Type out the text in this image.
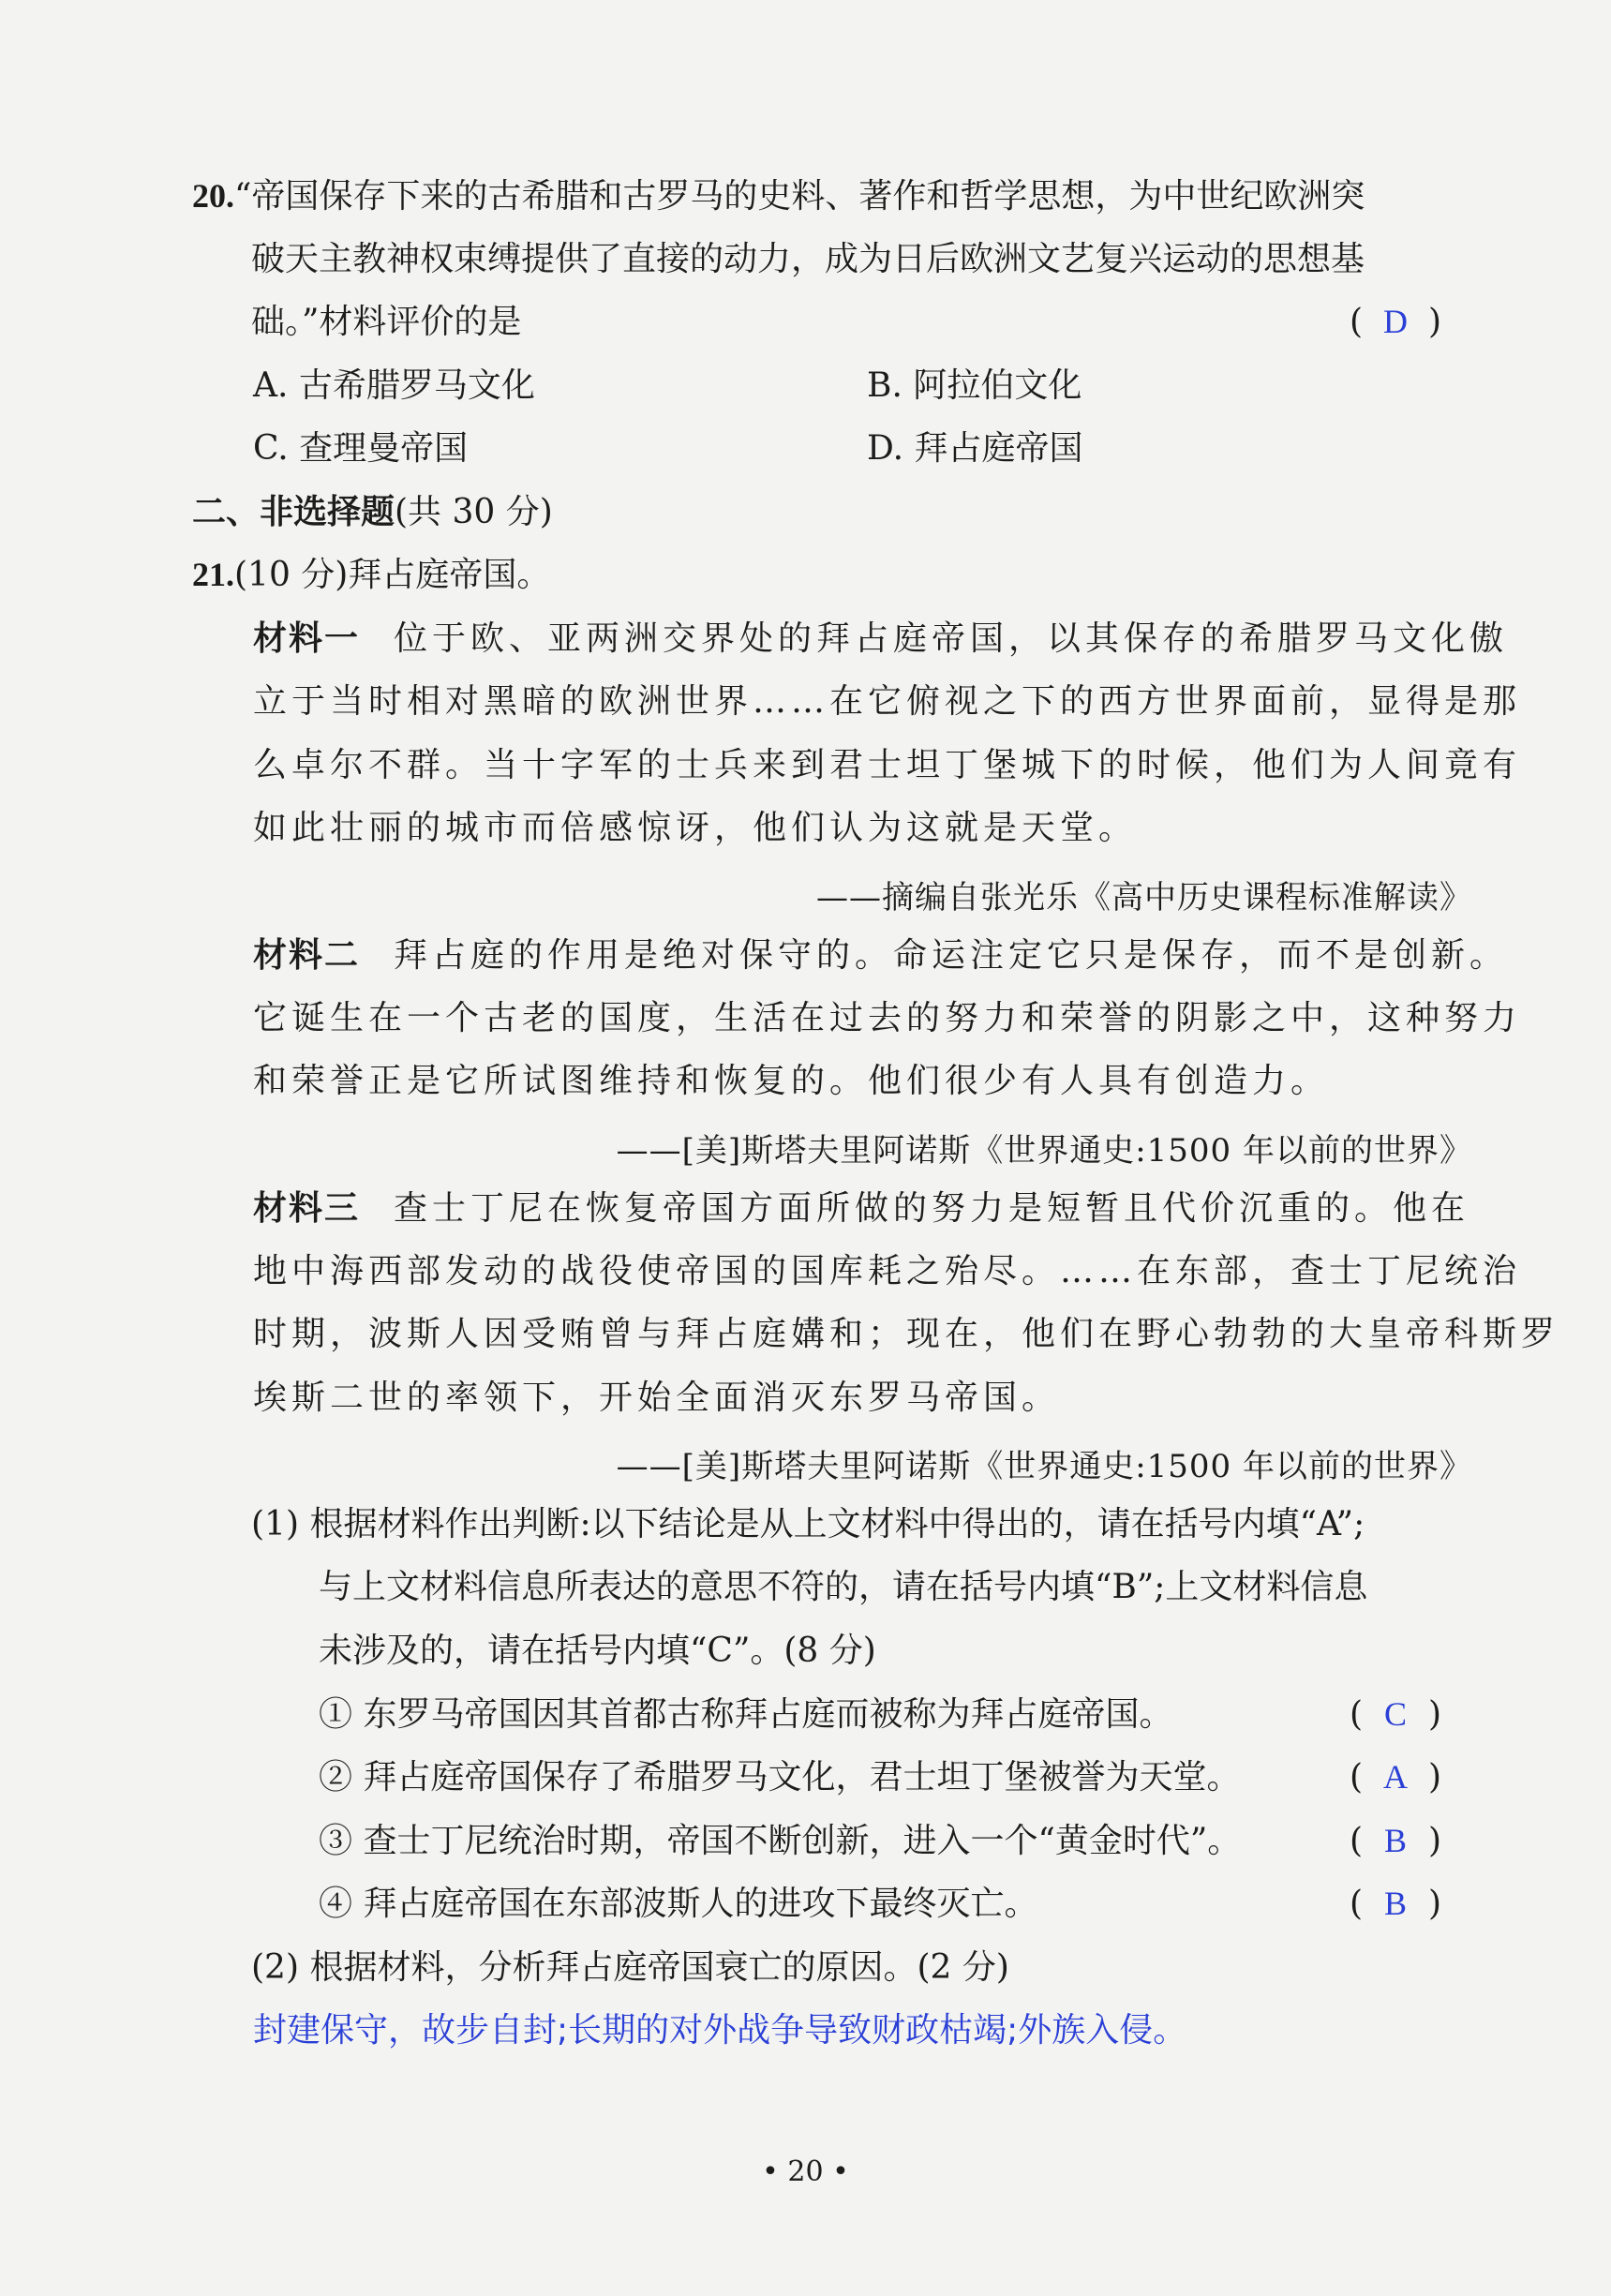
20.“帝国保存下来的古希腊和古罗马的史料、著作和哲学思想，为中世纪欧洲突
破天主教神权束缚提供了直接的动力，成为日后欧洲文艺复兴运动的思想基
础。”材料评价的是	( D )
A. 古希腊罗马文化	B. 阿拉伯文化
C. 查理曼帝国	D. 拜占庭帝国
二、非选择题(共 30 分)
21.(10 分)拜占庭帝国。
材料一 位于欧、亚两洲交界处的拜占庭帝国，以其保存的希腊罗马文化傲
立于当时相对黑暗的欧洲世界……在它俯视之下的西方世界面前，显得是那
么卓尔不群。当十字军的士兵来到君士坦丁堡城下的时候，他们为人间竟有
如此壮丽的城市而倍感惊讶，他们认为这就是天堂。
——摘编自张光乐《高中历史课程标准解读》
材料二 拜占庭的作用是绝对保守的。命运注定它只是保存，而不是创新。
它诞生在一个古老的国度，生活在过去的努力和荣誉的阴影之中，这种努力
和荣誉正是它所试图维持和恢复的。他们很少有人具有创造力。
——[美]斯塔夫里阿诺斯《世界通史:1500 年以前的世界》
材料三 查士丁尼在恢复帝国方面所做的努力是短暂且代价沉重的。他在
地中海西部发动的战役使帝国的国库耗之殆尽。……在东部，查士丁尼统治
时期，波斯人因受贿曾与拜占庭媾和；现在，他们在野心勃勃的大皇帝科斯罗
埃斯二世的率领下，开始全面消灭东罗马帝国。
——[美]斯塔夫里阿诺斯《世界通史:1500 年以前的世界》
(1) 根据材料作出判断:以下结论是从上文材料中得出的，请在括号内填“A”;
与上文材料信息所表达的意思不符的，请在括号内填“B”;上文材料信息
未涉及的，请在括号内填“C”。(8 分)
① 东罗马帝国因其首都古称拜占庭而被称为拜占庭帝国。	( C )
② 拜占庭帝国保存了希腊罗马文化，君士坦丁堡被誉为天堂。	( A )
③ 查士丁尼统治时期，帝国不断创新，进入一个“黄金时代”。	( B )
④ 拜占庭帝国在东部波斯人的进攻下最终灭亡。	( B )
(2) 根据材料，分析拜占庭帝国衰亡的原因。(2 分)
封建保守，故步自封;长期的对外战争导致财政枯竭;外族入侵。
• 20 •
